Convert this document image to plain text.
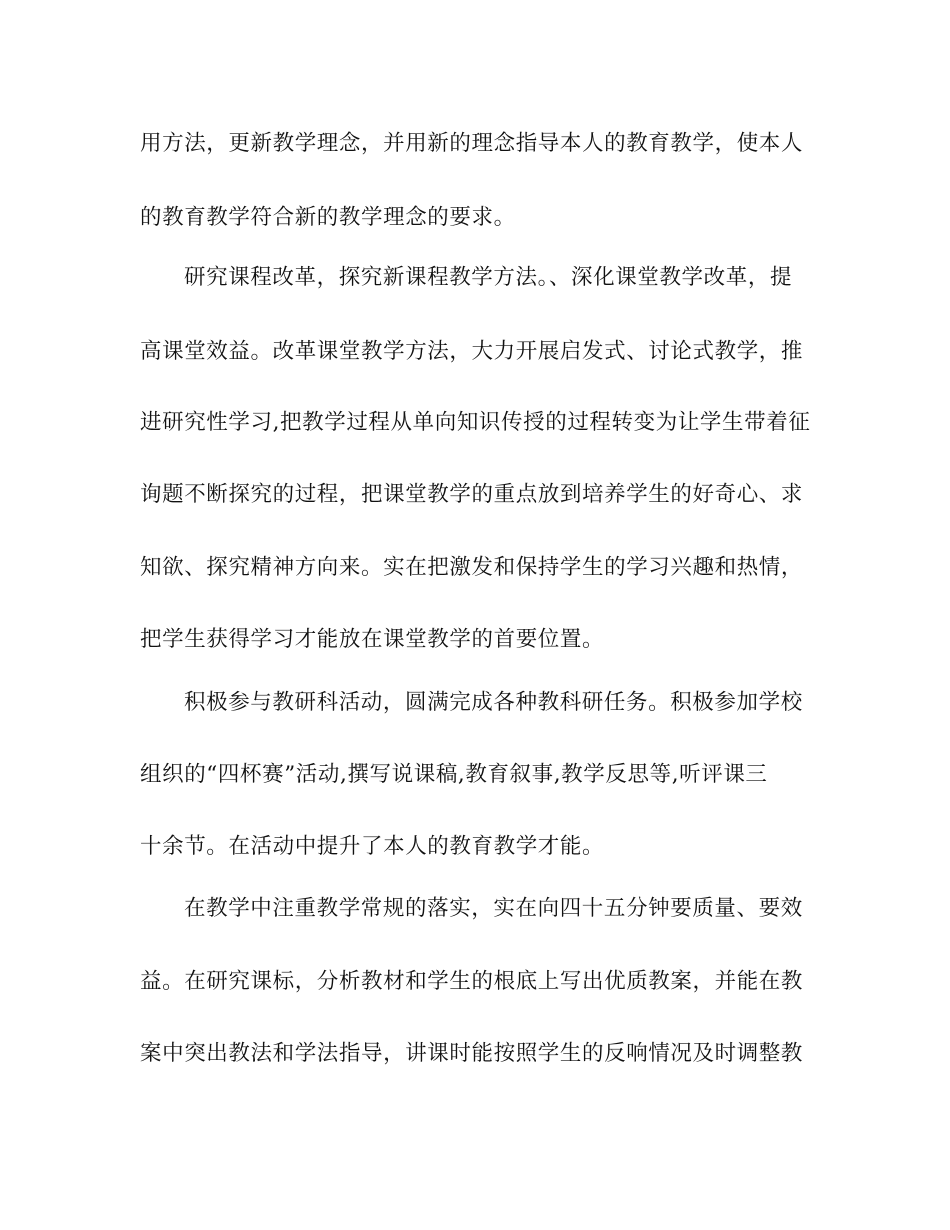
用方法，更新教学理念，并用新的理念指导本人的教育教学，使本人
的教育教学符合新的教学理念的要求。
研究课程改革，探究新课程教学方法。、深化课堂教学改革，提
高课堂效益。改革课堂教学方法，大力开展启发式、讨论式教学，推
进研究性学习,把教学过程从单向知识传授的过程转变为让学生带着征
询题不断探究的过程，把课堂教学的重点放到培养学生的好奇心、求
知欲、探究精神方向来。实在把激发和保持学生的学习兴趣和热情，
把学生获得学习才能放在课堂教学的首要位置。
积极参与教研科活动，圆满完成各种教科研任务。积极参加学校
组织的“四杯赛”活动,撰写说课稿,教育叙事,教学反思等,听评课三
十余节。在活动中提升了本人的教育教学才能。
在教学中注重教学常规的落实，实在向四十五分钟要质量、要效
益。在研究课标，分析教材和学生的根底上写出优质教案，并能在教
案中突出教法和学法指导，讲课时能按照学生的反响情况及时调整教
